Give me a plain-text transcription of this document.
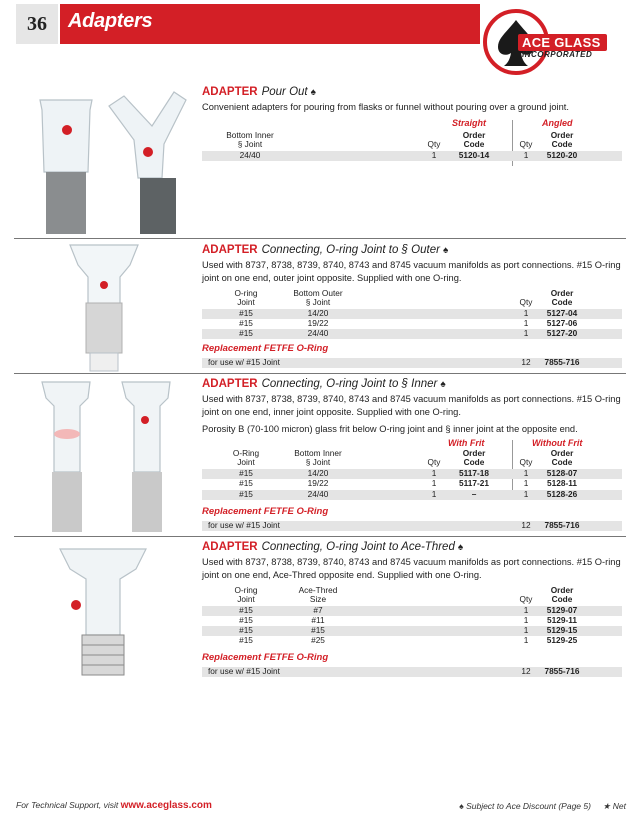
36	Adapters
ACE GLASS
INCORPORATED
ADAPTER Pour Out ♠
Convenient adapters for pouring from flasks or funnel without pouring over a ground joint.
Straight	Angled
Bottom Inner
§ Joint	Qty
Order
Code	Qty
Order
Code
24/40	1	5120-14	1	5120-20
ADAPTER Connecting, O-ring Joint to § Outer ♠
Used with 8737, 8738, 8739, 8740, 8743 and 8745 vacuum manifolds as port connections. #15 O-ring joint on one end, outer joint opposite. Supplied with one O-ring.
O-ring
Joint
Bottom Outer
§ Joint	Qty
Order
Code
#15	14/20	1	5127-04
#15	19/22	1	5127-06
#15	24/40	1	5127-20
Replacement FETFE O-Ring
for use w/ #15 Joint	12	7855-716
ADAPTER Connecting, O-ring Joint to § Inner ♠
Used with 8737, 8738, 8739, 8740, 8743 and 8745 vacuum manifolds as port connections. #15 O-ring joint on one end, inner joint opposite. Supplied with one O-ring.
Porosity B (70-100 micron) glass frit below O-ring joint and § inner joint at the opposite end.
With Frit	Without Frit
O-Ring
Joint
Bottom Inner
§ Joint	Qty
Order
Code	Qty
Order
Code
#15	14/20	1	5117-18	1	5128-07
#15	19/22	1	5117-21	1	5128-11
#15	24/40	1	–	1	5128-26
Replacement FETFE O-Ring
for use w/ #15 Joint	12	7855-716
ADAPTER Connecting, O-ring Joint to Ace-Thred ♠
Used with 8737, 8738, 8739, 8740, 8743 and 8745 vacuum manifolds as port connections. #15 O-ring joint on one end, Ace-Thred opposite end. Supplied with one O-ring.
O-ring
Joint
Ace-Thred
Size	Qty
Order
Code
#15	#7	1	5129-07
#15	#11	1	5129-11
#15	#15	1	5129-15
#15	#25	1	5129-25
Replacement FETFE O-Ring
for use w/ #15 Joint	12	7855-716
For Technical Support, visit www.aceglass.com	♠ Subject to Ace Discount (Page 5) ★ Net
